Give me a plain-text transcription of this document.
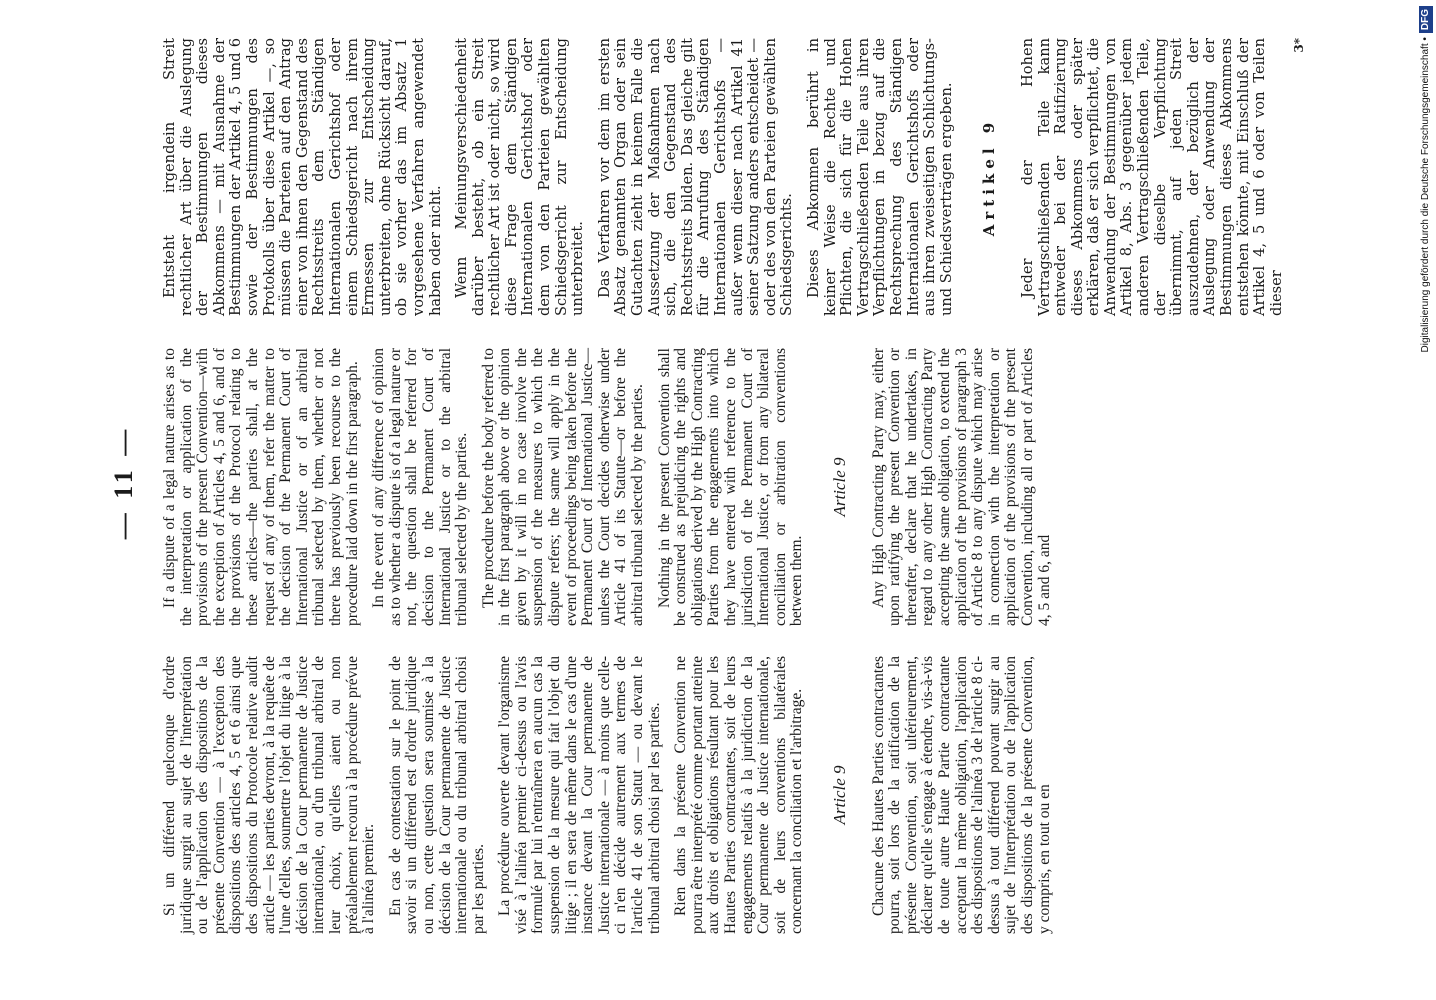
— 11 —

Si un différend quelconque d'ordre juridique surgit au sujet de l'interprétation ou de l'application des dispositions de la présente Convention — à l'exception des dispositions des articles 4, 5 et 6 ainsi que des dispositions du Protocole relative audit article — les parties devront, à la requête de l'une d'elles, soumettre l'objet du litige à la décision de la Cour permanente de Justice internationale, ou d'un tribunal arbitral de leur choix, qu'elles aient ou non préalablement recouru à la procédure prévue à l'alinéa premier. En cas de contestation sur le point de savoir si un différend est d'ordre juridique ou non, cette question sera soumise à la décision de la Cour permanente de Justice internationale ou du tribunal arbitral choisi par les parties. La procédure ouverte devant l'organisme visé à l'alinéa premier ci-dessus ou l'avis formulé par lui n'entraînera en aucun cas la suspension de la mesure qui fait l'objet du litige ; il en sera de même dans le cas d'une instance devant la Cour permanente de Justice internationale — à moins que celle-ci n'en décide autrement aux termes de l'article 41 de son Statut — ou devant le tribunal arbitral choisi par les parties. Rien dans la présente Convention ne pourra être interprété comme portant atteinte aux droits et obligations résultant pour les Hautes Parties contractantes, soit de leurs engagements relatifs à la juridiction de la Cour permanente de Justice internationale, soit de leurs conventions bilatérales concernant la conciliation et l'arbitrage. Article 9 Chacune des Hautes Parties contractantes pourra, soit lors de la ratification de la présente Convention, soit ultérieurement, déclarer qu'elle s'engage à étendre, vis-à-vis de toute autre Haute Partie contractante acceptant la même obligation, l'application des dispositions de l'alinéa 3 de l'article 8 ci-dessus à tout différend pouvant surgir au sujet de l'interprétation ou de l'application des dispositions de la présente Convention, y compris, en tout ou en

If a dispute of a legal nature arises as to the interpretation or application of the provisions of the present Convention—with the exception of Articles 4, 5 and 6, and of the provisions of the Protocol relating to these articles—the parties shall, at the request of any of them, refer the matter to the decision of the Permanent Court of International Justice or of an arbitral tribunal selected by them, whether or not there has previously been recourse to the procedure laid down in the first paragraph. In the event of any difference of opinion as to whether a dispute is of a legal nature or not, the question shall be referred for decision to the Permanent Court of International Justice or to the arbitral tribunal selected by the parties. The procedure before the body referred to in the first paragraph above or the opinion given by it will in no case involve the suspension of the measures to which the dispute refers; the same will apply in the event of proceedings being taken before the Permanent Court of International Justice—unless the Court decides otherwise under Article 41 of its Statute—or before the arbitral tribunal selected by the parties. Nothing in the present Convention shall be construed as prejudicing the rights and obligations derived by the High Contracting Parties from the engagements into which they have entered with reference to the jurisdiction of the Permanent Court of International Justice, or from any bilateral conciliation or arbitration conventions between them.

Article 9 Any High Contracting Party may, either upon ratifying the present Convention or thereafter, declare that he undertakes, in regard to any other High Contracting Party accepting the same obligation, to extend the application of the provisions of paragraph 3 of Article 8 to any dispute which may arise in connection with the interpretation or application of the provisions of the present Convention, including all or part of Articles 4, 5 and 6, and

Entsteht irgendein Streit rechtlicher Art über die Auslegung der Bestimmungen dieses Abkommens — mit Ausnahme der Bestimmungen der Artikel 4, 5 und 6 sowie der Bestimmungen des Protokolls über diese Artikel —, so müssen die Parteien auf den Antrag einer von ihnen den Gegenstand des Rechtsstreits dem Ständigen Internationalen Gerichtshof oder einem Schiedsgericht nach ihrem Ermessen zur Entscheidung unterbreiten, ohne Rücksicht darauf, ob sie vorher das im Absatz 1 vorgesehene Verfahren angewendet haben oder nicht. Wenn Meinungsverschiedenheit darüber besteht, ob ein Streit rechtlicher Art ist oder nicht, so wird diese Frage dem Ständigen Internationalen Gerichtshof oder dem von den Parteien gewählten Schiedsgericht zur Entscheidung unterbreitet. Das Verfahren vor dem im ersten Absatz genannten Organ oder sein Gutachten zieht in keinem Falle die Aussetzung der Maßnahmen nach sich, die den Gegenstand des Rechtsstreits bilden. Das gleiche gilt für die Anrufung des Ständigen Internationalen Gerichtshofs — außer wenn dieser nach Artikel 41 seiner Satzung anders entscheidet — oder des von den Parteien gewählten Schiedsgerichts. Dieses Abkommen berührt in keiner Weise die Rechte und Pflichten, die sich für die Hohen Vertragschließenden Teile aus ihren Verpflichtungen in bezug auf die Rechtsprechung des Ständigen Internationalen Gerichtshofs oder aus ihren zweiseitigen Schlichtungs- und Schiedsverträgen ergeben. Artikel 9 Jeder der Hohen Vertragschließenden Teile kann entweder bei der Ratifizierung dieses Abkommens oder später erklären, daß er sich verpflichtet, die Anwendung der Bestimmungen von Artikel 8, Abs. 3 gegenüber jedem anderen Vertragschließenden Teile, der dieselbe Verpflichtung übernimmt, auf jeden Streit auszudehnen, der bezüglich der Auslegung oder Anwendung der Bestimmungen dieses Abkommens entstehen könnte, mit Einschluß der Artikel 4, 5 und 6 oder von Teilen dieser

3*	Digitalisierung gefördert durch die Deutsche Forschungsgemeinschaft •DFG
